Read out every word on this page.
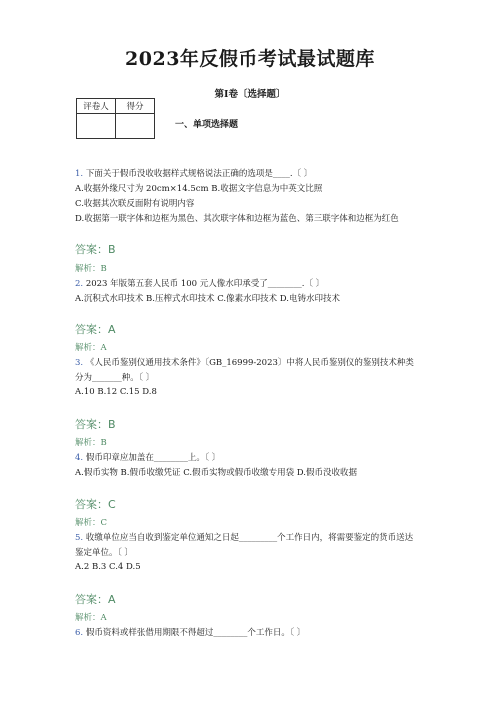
2023年反假币考试最试题库
第Ⅰ卷〔选择题〕
评卷人	得分

一、单项选择题
1. 下面关于假币没收收据样式规格说法正确的选项是____.〔 〕
A.收据外缘尺寸为 20cm×14.5cm B.收据文字信息为中英文比照
C.收据其次联反面附有说明内容
D.收据第一联字体和边框为黑色、其次联字体和边框为蓝色、第三联字体和边框为红色
答案：B
解析：B
2. 2023 年版第五套人民币 100 元人像水印承受了________.〔 〕
A.沉积式水印技术 B.压榨式水印技术 C.像素水印技术 D.电铸水印技术
答案：A
解析：A
3. 《人民币鉴别仪通用技术条件》〔GB_16999-2023〕中将人民币鉴别仪的鉴别技术种类
分为_______种。〔 〕
A.10 B.12 C.15 D.8
答案：B
解析：B
4. 假币印章应加盖在________上。〔 〕
A.假币实物 B.假币收缴凭证 C.假币实物或假币收缴专用袋 D.假币没收收据
答案：C
解析：C
5. 收缴单位应当自收到鉴定单位通知之日起_________个工作日内，将需要鉴定的货币送达
鉴定单位。〔 〕
A.2 B.3 C.4 D.5
答案：A
解析：A
6. 假币资料或样张借用期限不得超过________个工作日。〔 〕
